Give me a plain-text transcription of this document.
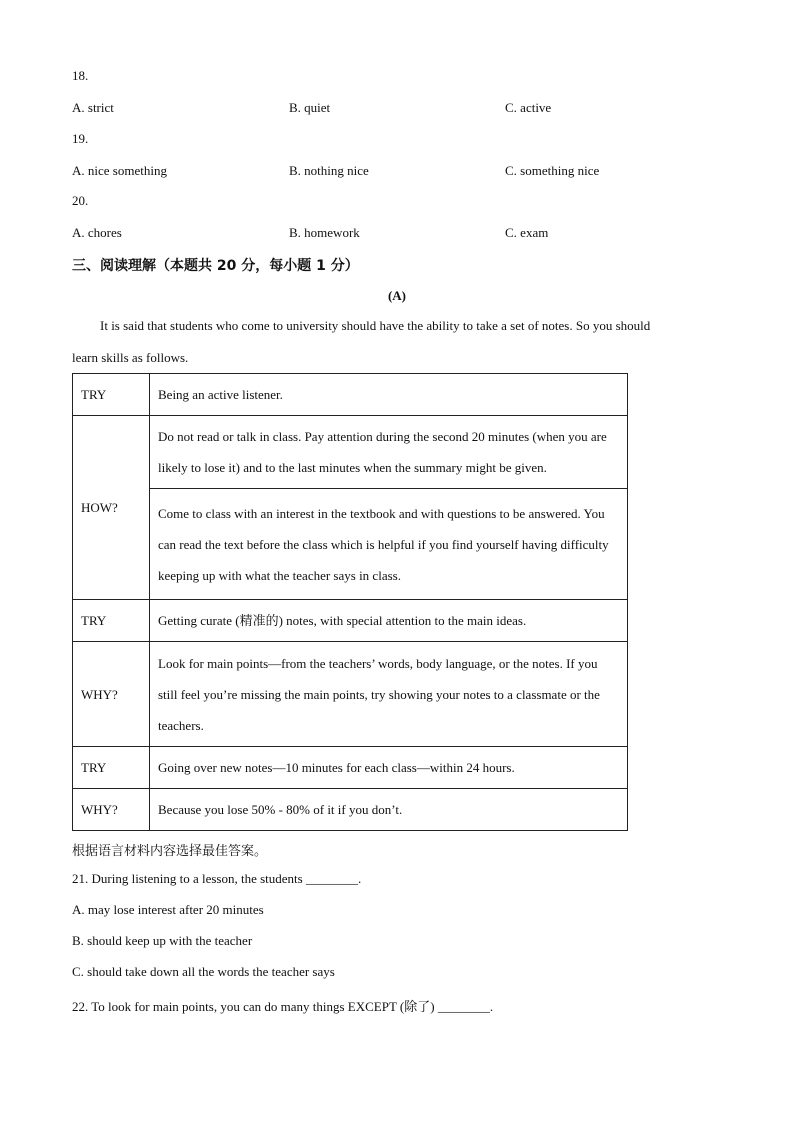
18.
A. strict	B. quiet	C. active
19.
A. nice something	B. nothing nice	C. something nice
20.
A. chores	B. homework	C. exam
三、阅读理解（本题共 20 分，每小题 1 分）
(A)
It is said that students who come to university should have the ability to take a set of notes. So you should
learn skills as follows.
TRY	Being an active listener.
HOW?	Do not read or talk in class. Pay attention during the second 20 minutes (when you are likely to lose it) and to the last minutes when the summary might be given.
	Come to class with an interest in the textbook and with questions to be answered. You can read the text before the class which is helpful if you find yourself having difficulty keeping up with what the teacher says in class.
TRY	Getting curate (精准的) notes, with special attention to the main ideas.
WHY?	Look for main points—from the teachers’ words, body language, or the notes. If you still feel you’re missing the main points, try showing your notes to a classmate or the teachers.
TRY	Going over new notes—10 minutes for each class—within 24 hours.
WHY?	Because you lose 50% - 80% of it if you don’t.
根据语言材料内容选择最佳答案。
21. During listening to a lesson, the students ________.
A. may lose interest after 20 minutes
B. should keep up with the teacher
C. should take down all the words the teacher says
22. To look for main points, you can do many things EXCEPT (除了) ________.
